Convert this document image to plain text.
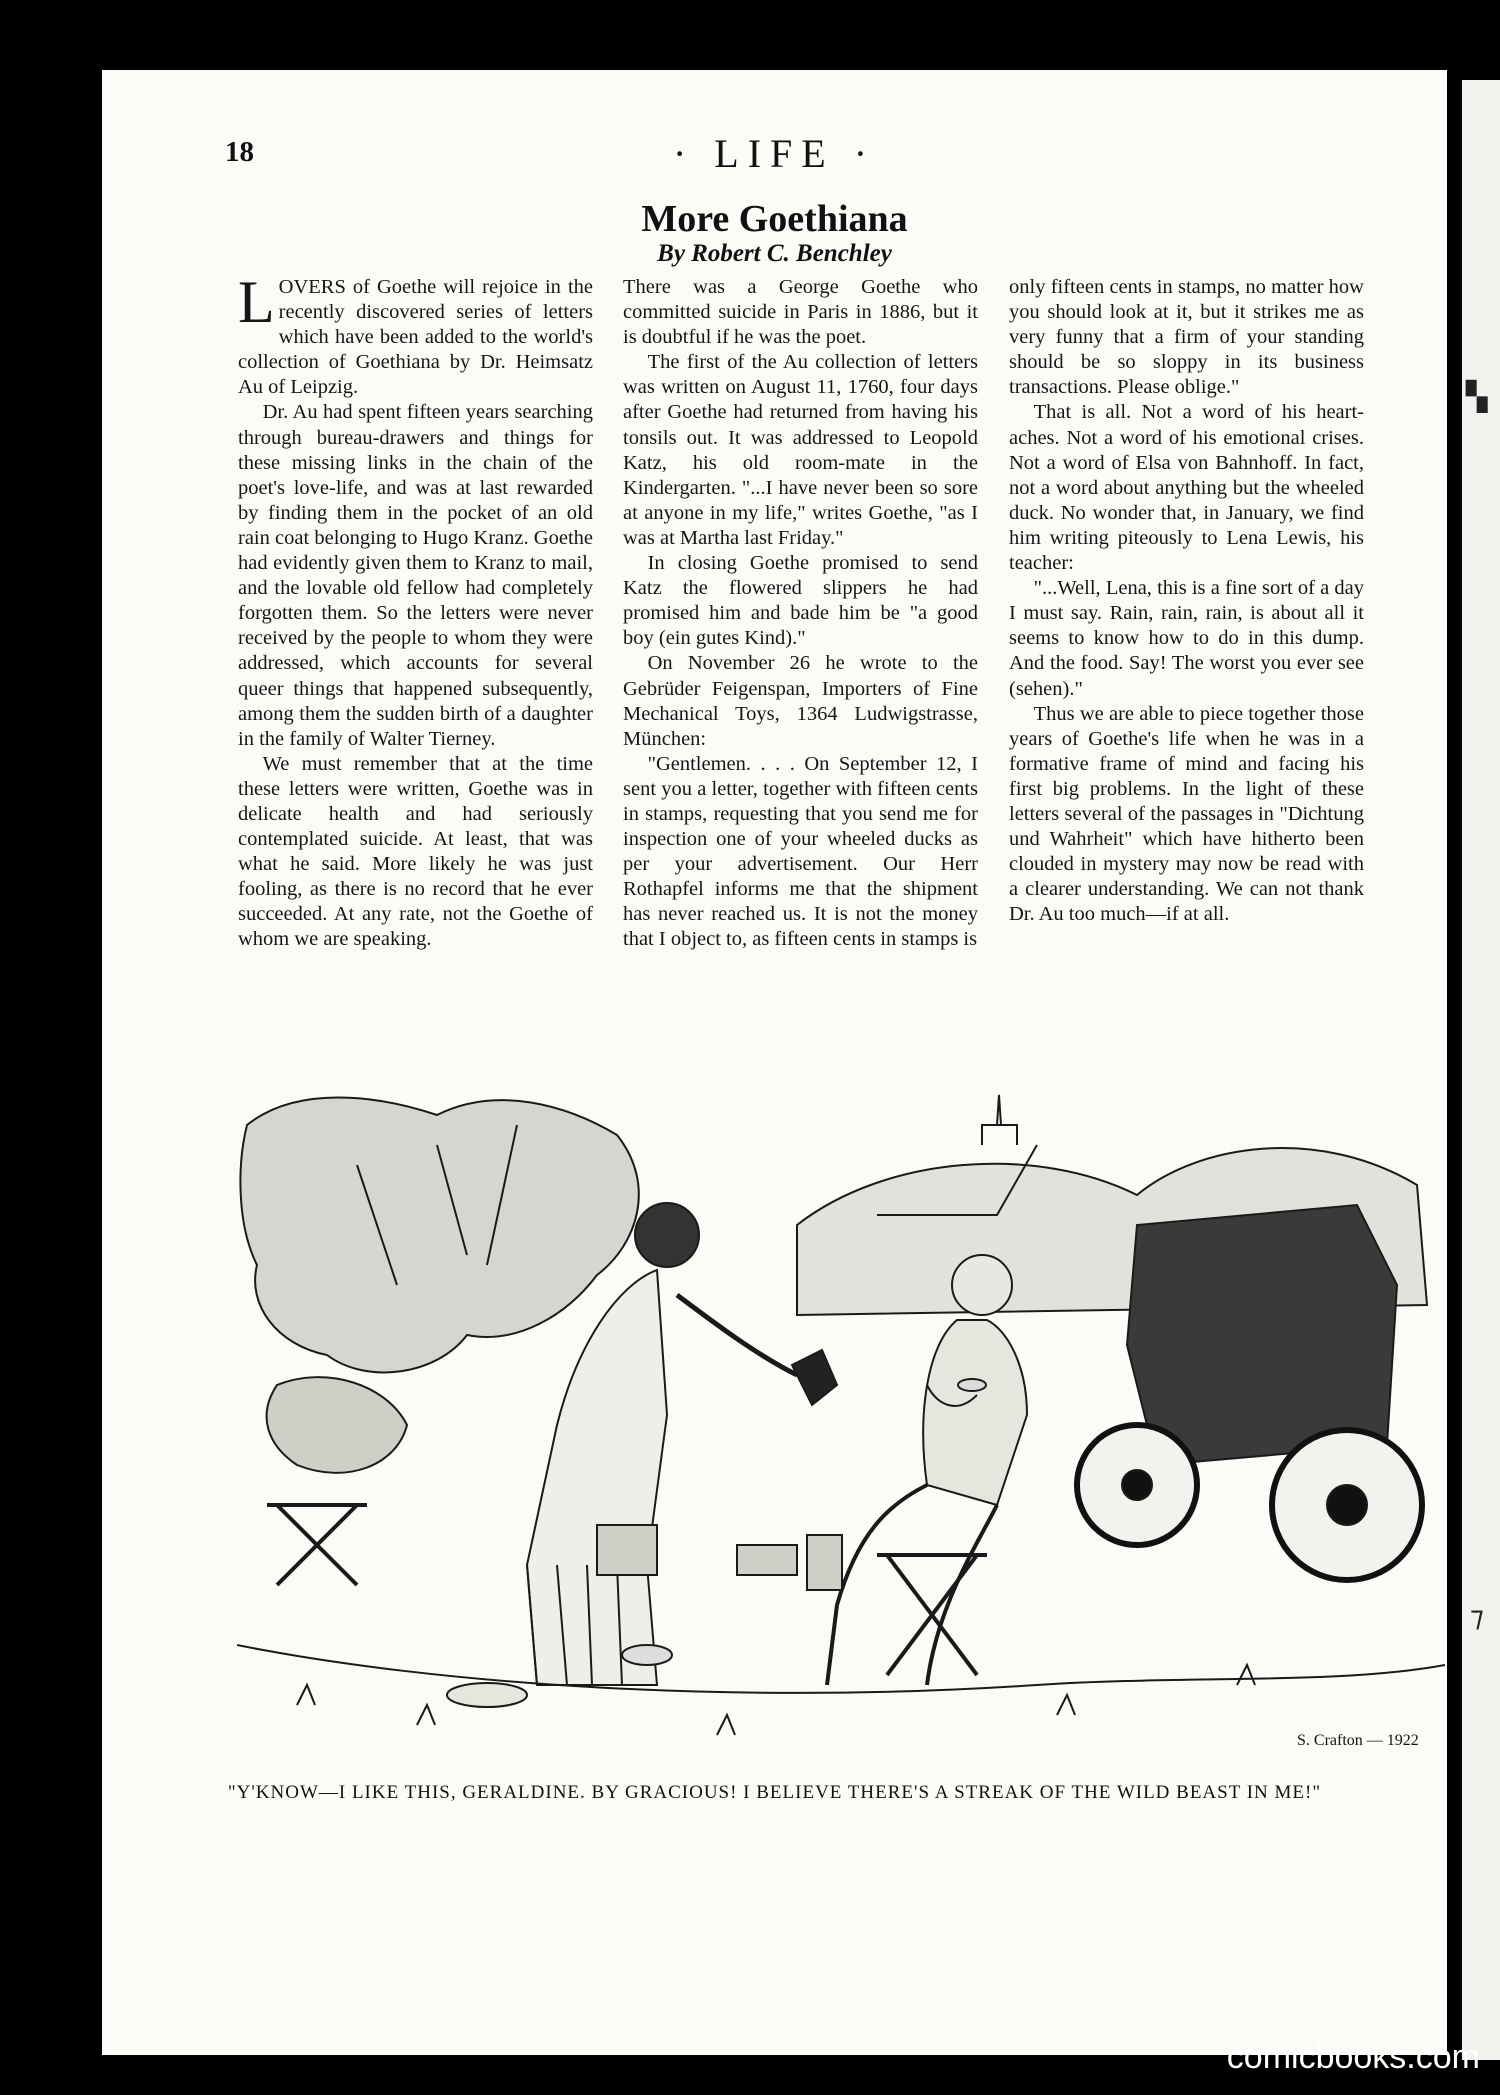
▚
⁊
18	· LIFE ·
More Goethiana
By Robert C. Benchley

LOVERS of Goethe will rejoice in the recently discovered series of letters which have been added to the world's collection of Goethiana by Dr. Heimsatz Au of Leipzig.

Dr. Au had spent fifteen years searching through bureau-drawers and things for these missing links in the chain of the poet's love-life, and was at last rewarded by finding them in the pocket of an old rain coat belonging to Hugo Kranz. Goethe had evidently given them to Kranz to mail, and the lovable old fellow had completely forgotten them. So the letters were never received by the people to whom they were addressed, which accounts for several queer things that happened subsequently, among them the sudden birth of a daughter in the family of Walter Tierney.

We must remember that at the time these letters were written, Goethe was in delicate health and had seriously contemplated suicide. At least, that was what he said. More likely he was just fooling, as there is no record that he ever succeeded. At any rate, not the Goethe of whom we are speaking.

There was a George Goethe who committed suicide in Paris in 1886, but it is doubtful if he was the poet.

The first of the Au collection of letters was written on August 11, 1760, four days after Goethe had returned from having his tonsils out. It was addressed to Leopold Katz, his old room-mate in the Kindergarten. "...I have never been so sore at anyone in my life," writes Goethe, "as I was at Martha last Friday."

In closing Goethe promised to send Katz the flowered slippers he had promised him and bade him be "a good boy (ein gutes Kind)."

On November 26 he wrote to the Gebrüder Feigenspan, Importers of Fine Mechanical Toys, 1364 Ludwigstrasse, München:

"Gentlemen. . . . On September 12, I sent you a letter, together with fifteen cents in stamps, requesting that you send me for inspection one of your wheeled ducks as per your advertisement. Our Herr Rothapfel informs me that the shipment has never reached us. It is not the money that I object to, as fifteen cents in stamps is

only fifteen cents in stamps, no matter how you should look at it, but it strikes me as very funny that a firm of your standing should be so sloppy in its business transactions. Please oblige."

That is all. Not a word of his heart-aches. Not a word of his emotional crises. Not a word of Elsa von Bahnhoff. In fact, not a word about anything but the wheeled duck. No wonder that, in January, we find him writing piteously to Lena Lewis, his teacher:

"...Well, Lena, this is a fine sort of a day I must say. Rain, rain, rain, is about all it seems to know how to do in this dump. And the food. Say! The worst you ever see (sehen)."

Thus we are able to piece together those years of Goethe's life when he was in a formative frame of mind and facing his first big problems. In the light of these letters several of the passages in "Dichtung und Wahrheit" which have hitherto been clouded in mystery may now be read with a clearer understanding. We can not thank Dr. Au too much—if at all.

S. Crafton — 1922
"Y'KNOW—I LIKE THIS, GERALDINE. BY GRACIOUS! I BELIEVE THERE'S A STREAK OF THE WILD BEAST IN ME!"
comicbooks.com
